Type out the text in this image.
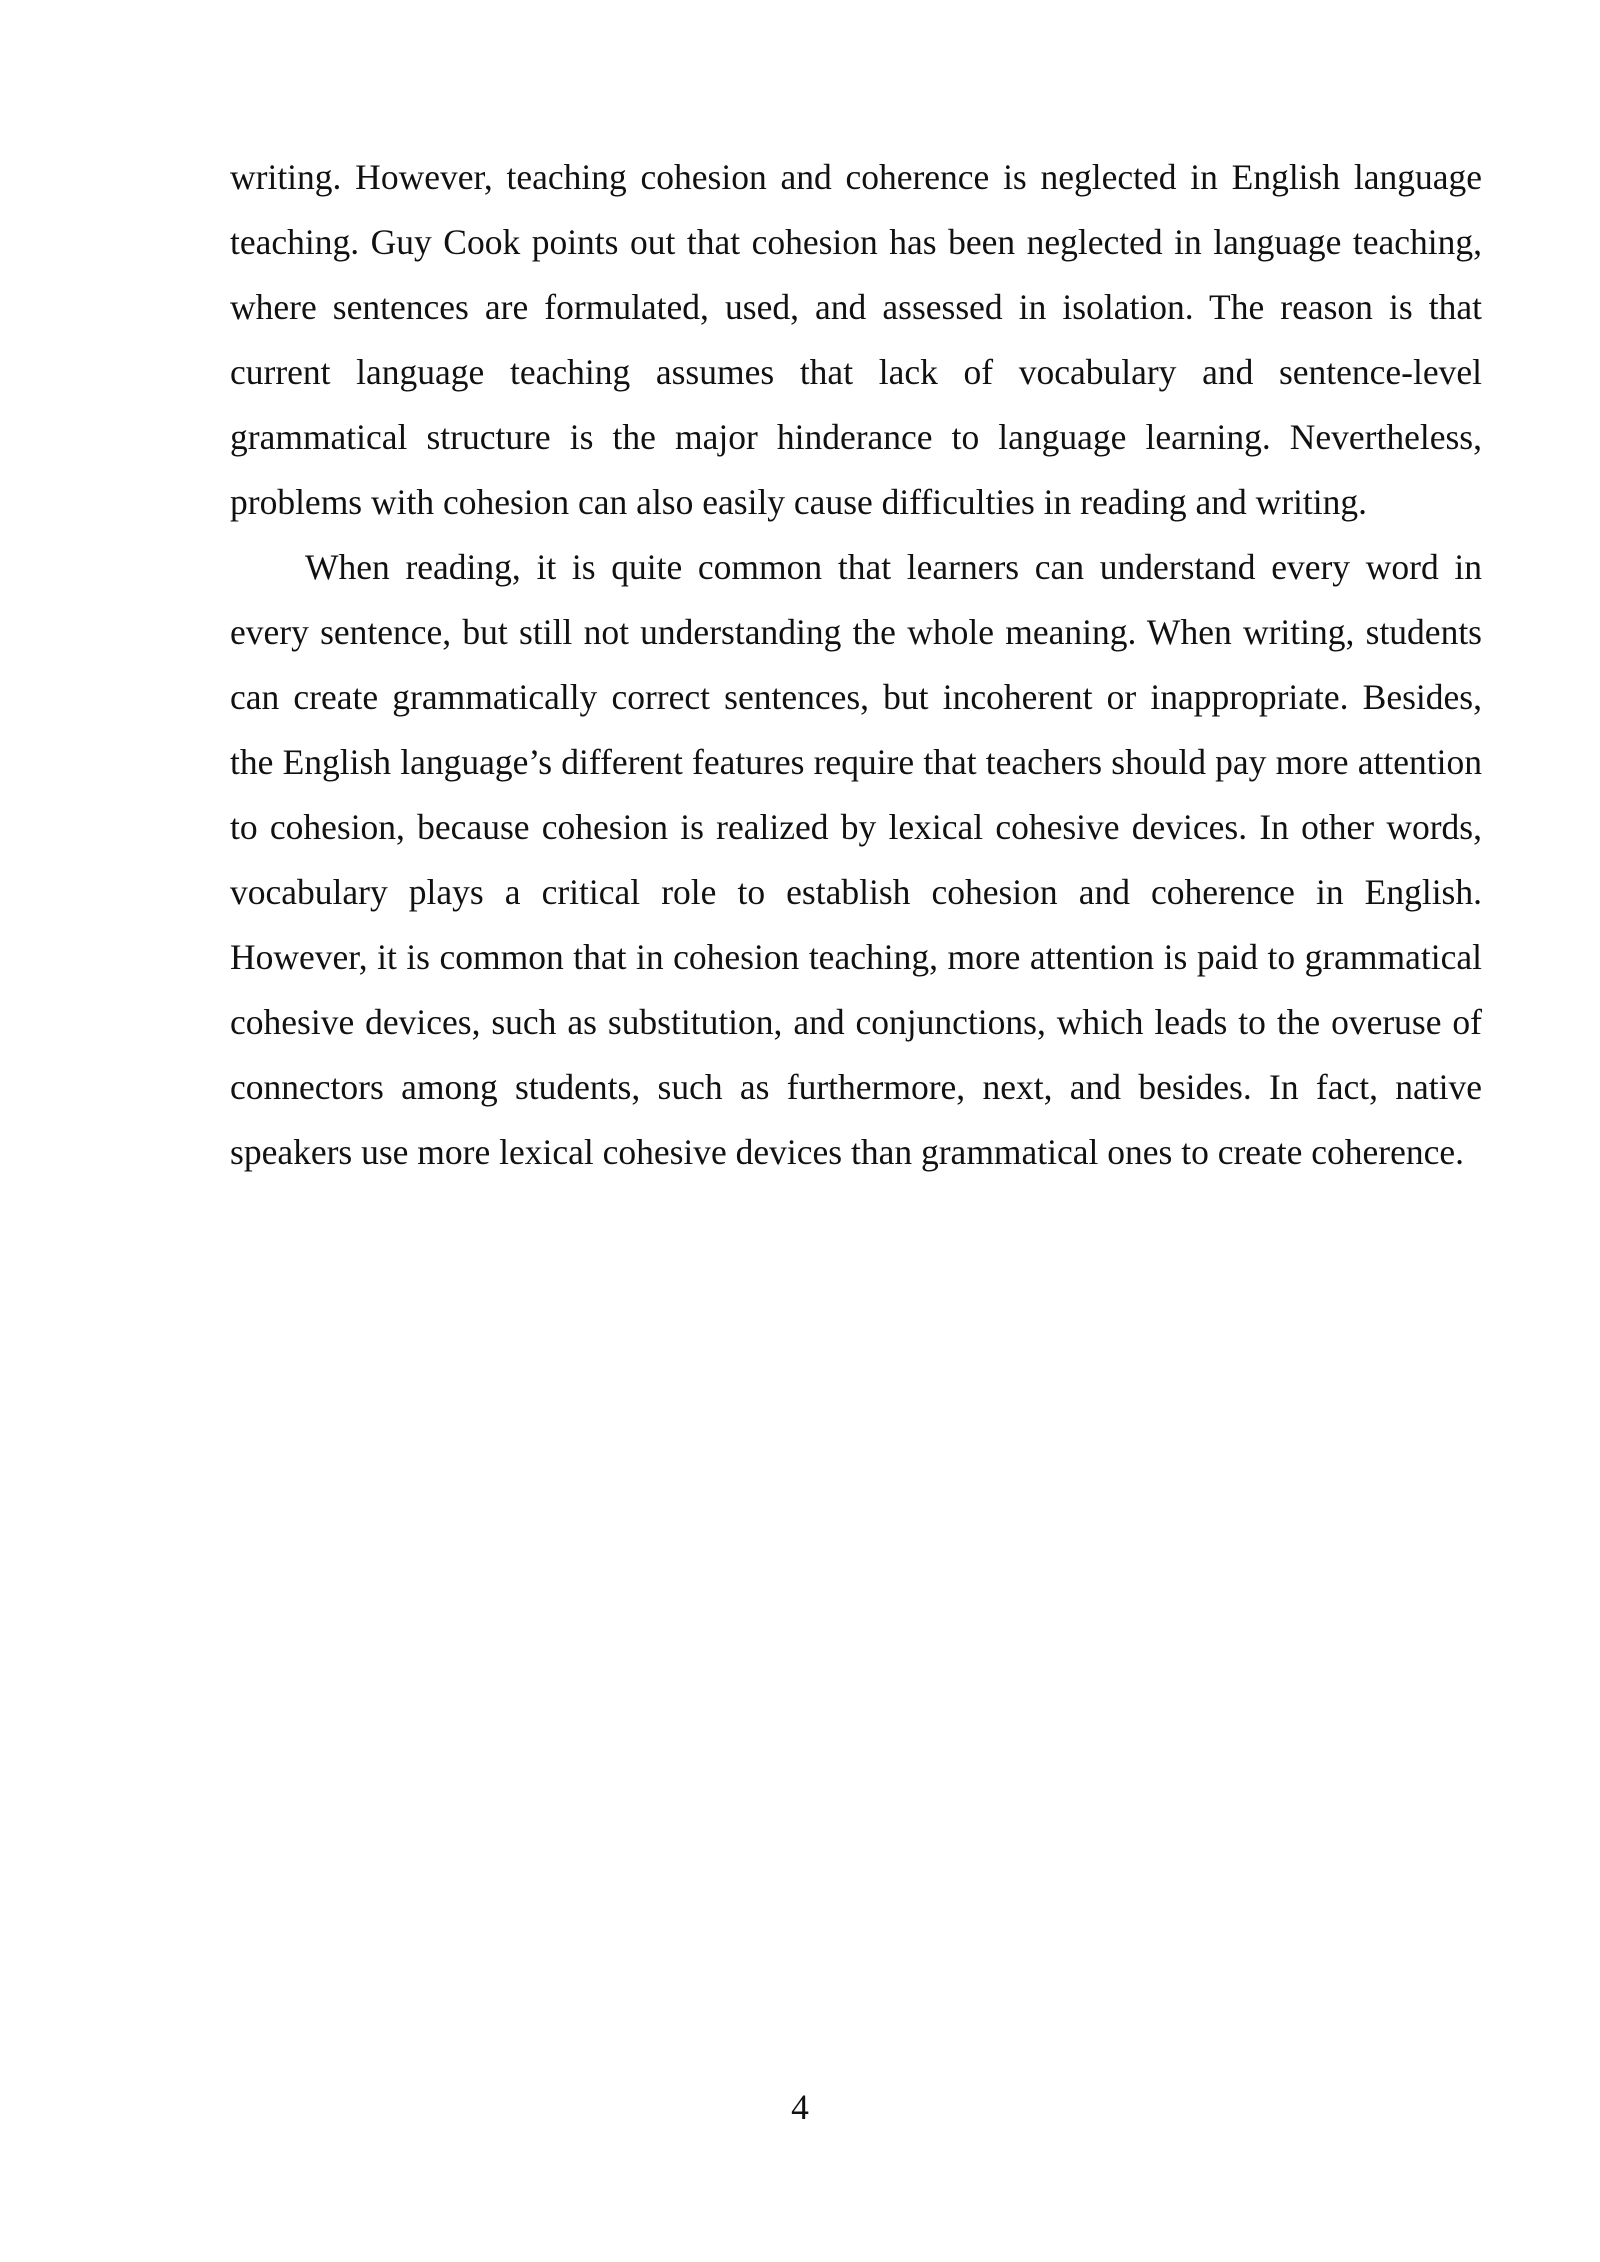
writing. However, teaching cohesion and coherence is neglected in English language teaching. Guy Cook points out that cohesion has been neglected in language teaching, where sentences are formulated, used, and assessed in isolation. The reason is that current language teaching assumes that lack of vocabulary and sentence-level grammatical structure is the major hinderance to language learning. Nevertheless, problems with cohesion can also easily cause difficulties in reading and writing.

When reading, it is quite common that learners can understand every word in every sentence, but still not understanding the whole meaning. When writing, students can create grammatically correct sentences, but incoherent or inappropriate. Besides, the English language’s different features require that teachers should pay more attention to cohesion, because cohesion is realized by lexical cohesive devices. In other words, vocabulary plays a critical role to establish cohesion and coherence in English. However, it is common that in cohesion teaching, more attention is paid to grammatical cohesive devices, such as substitution, and conjunctions, which leads to the overuse of connectors among students, such as furthermore, next, and besides. In fact, native speakers use more lexical cohesive devices than grammatical ones to create coherence.

4
